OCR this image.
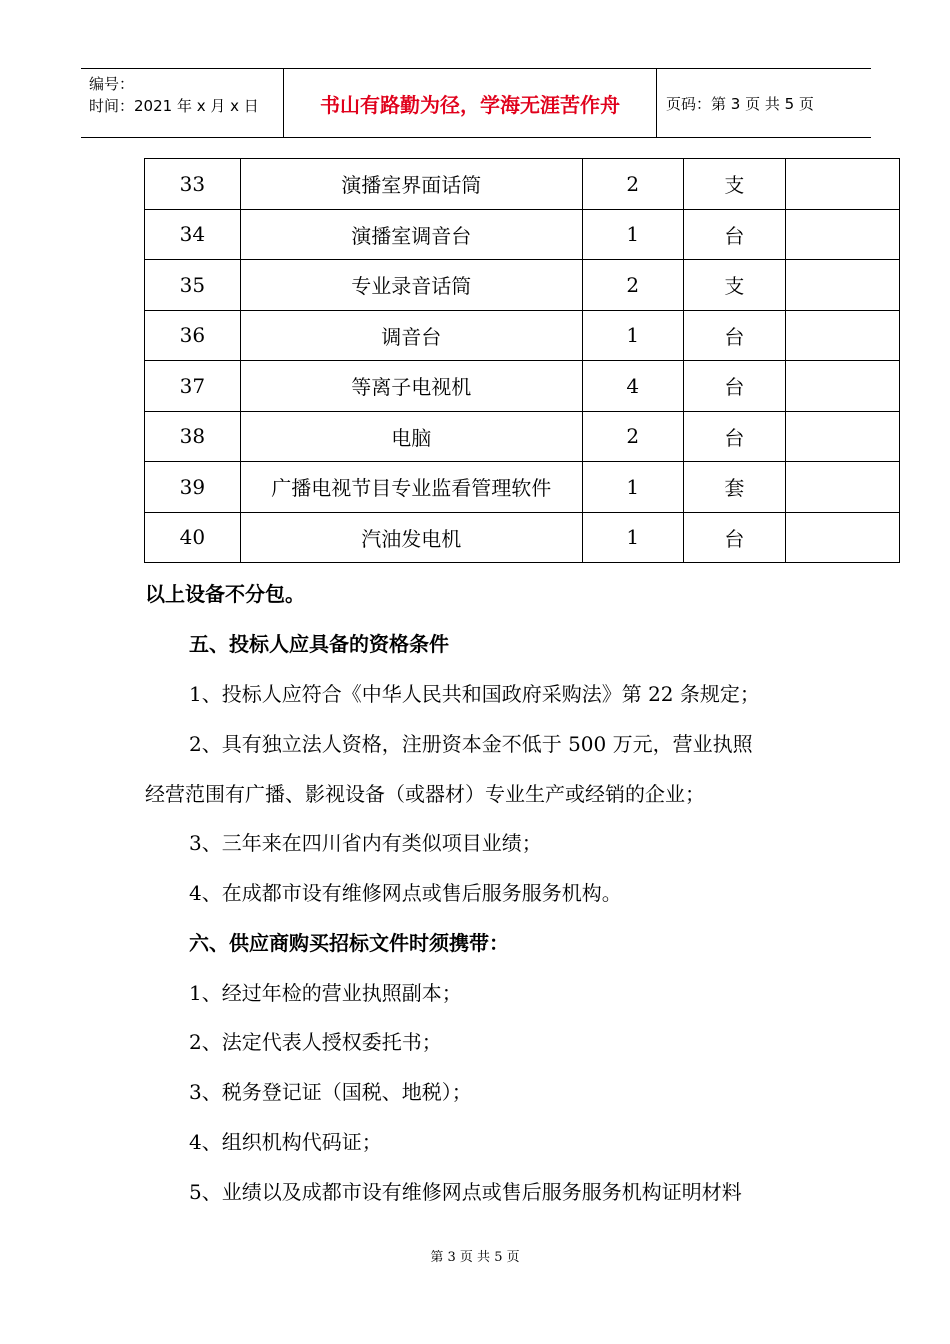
编号：
时间：2021 年 x 月 x 日	书山有路勤为径，学海无涯苦作舟	页码：第 3 页 共 5 页
33	演播室界面话筒	2	支	
34	演播室调音台	1	台	
35	专业录音话筒	2	支	
36	调音台	1	台	
37	等离子电视机	4	台	
38	电脑	2	台	
39	广播电视节目专业监看管理软件	1	套	
40	汽油发电机	1	台	
以上设备不分包。
五、投标人应具备的资格条件
1、投标人应符合《中华人民共和国政府采购法》第 22 条规定；
2、具有独立法人资格，注册资本金不低于 500 万元，营业执照
经营范围有广播、影视设备（或器材）专业生产或经销的企业；
3、三年来在四川省内有类似项目业绩；
4、在成都市设有维修网点或售后服务服务机构。
六、供应商购买招标文件时须携带：
1、经过年检的营业执照副本；
2、法定代表人授权委托书；
3、税务登记证（国税、地税）；
4、组织机构代码证；
5、业绩以及成都市设有维修网点或售后服务服务机构证明材料
第 3 页 共 5 页
